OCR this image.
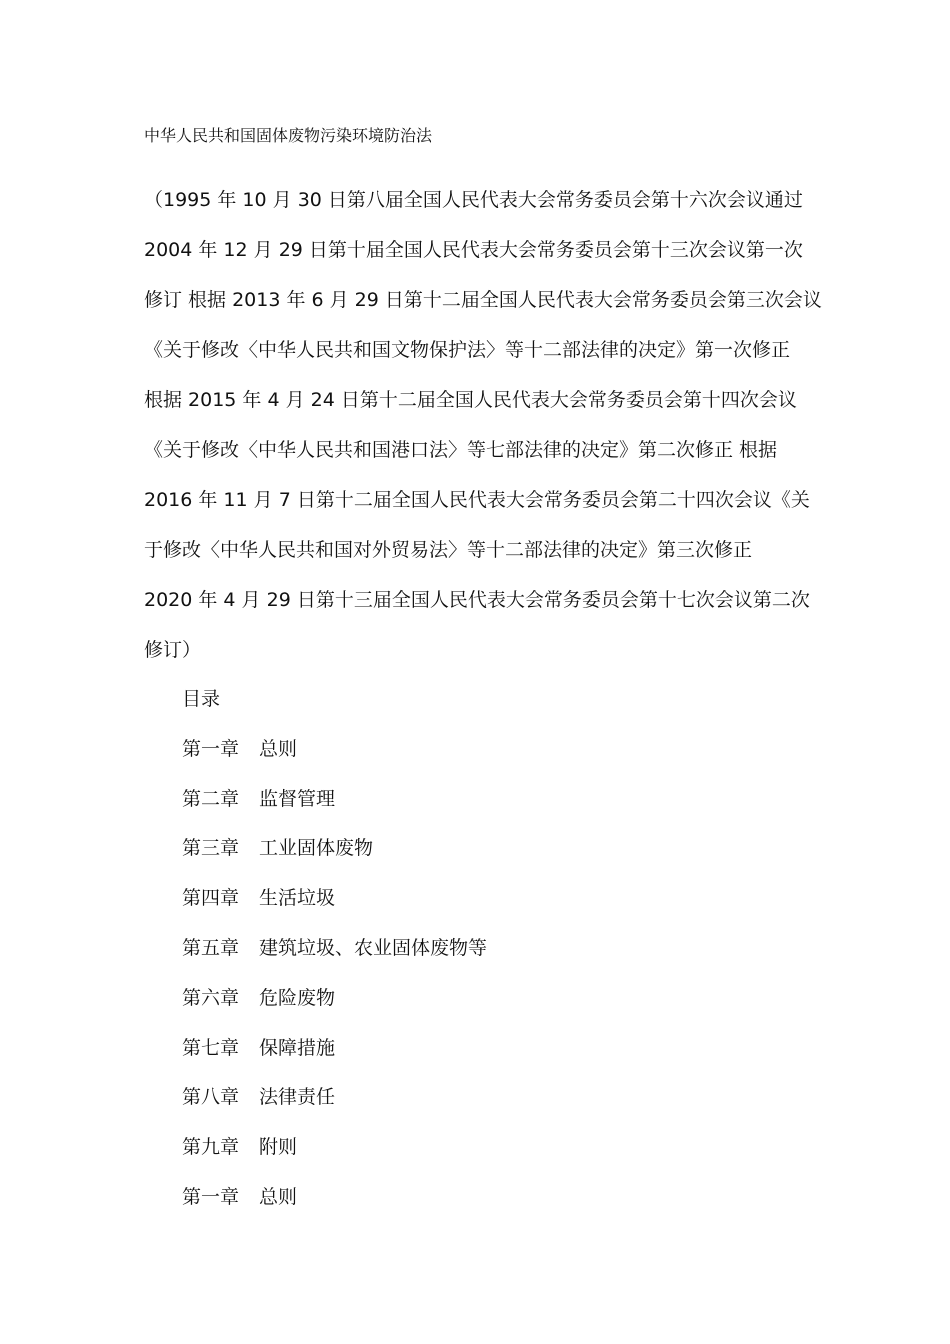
中华人民共和国固体废物污染环境防治法
（1995 年 10 月 30 日第八届全国人民代表大会常务委员会第十六次会议通过
2004 年 12 月 29 日第十届全国人民代表大会常务委员会第十三次会议第一次
修订 根据 2013 年 6 月 29 日第十二届全国人民代表大会常务委员会第三次会议
《关于修改〈中华人民共和国文物保护法〉等十二部法律的决定》第一次修正
根据 2015 年 4 月 24 日第十二届全国人民代表大会常务委员会第十四次会议
《关于修改〈中华人民共和国港口法〉等七部法律的决定》第二次修正 根据
2016 年 11 月 7 日第十二届全国人民代表大会常务委员会第二十四次会议《关
于修改〈中华人民共和国对外贸易法〉等十二部法律的决定》第三次修正
2020 年 4 月 29 日第十三届全国人民代表大会常务委员会第十七次会议第二次
修订）
目录
第一章 总则
第二章 监督管理
第三章 工业固体废物
第四章 生活垃圾
第五章 建筑垃圾、农业固体废物等
第六章 危险废物
第七章 保障措施
第八章 法律责任
第九章 附则
第一章 总则
